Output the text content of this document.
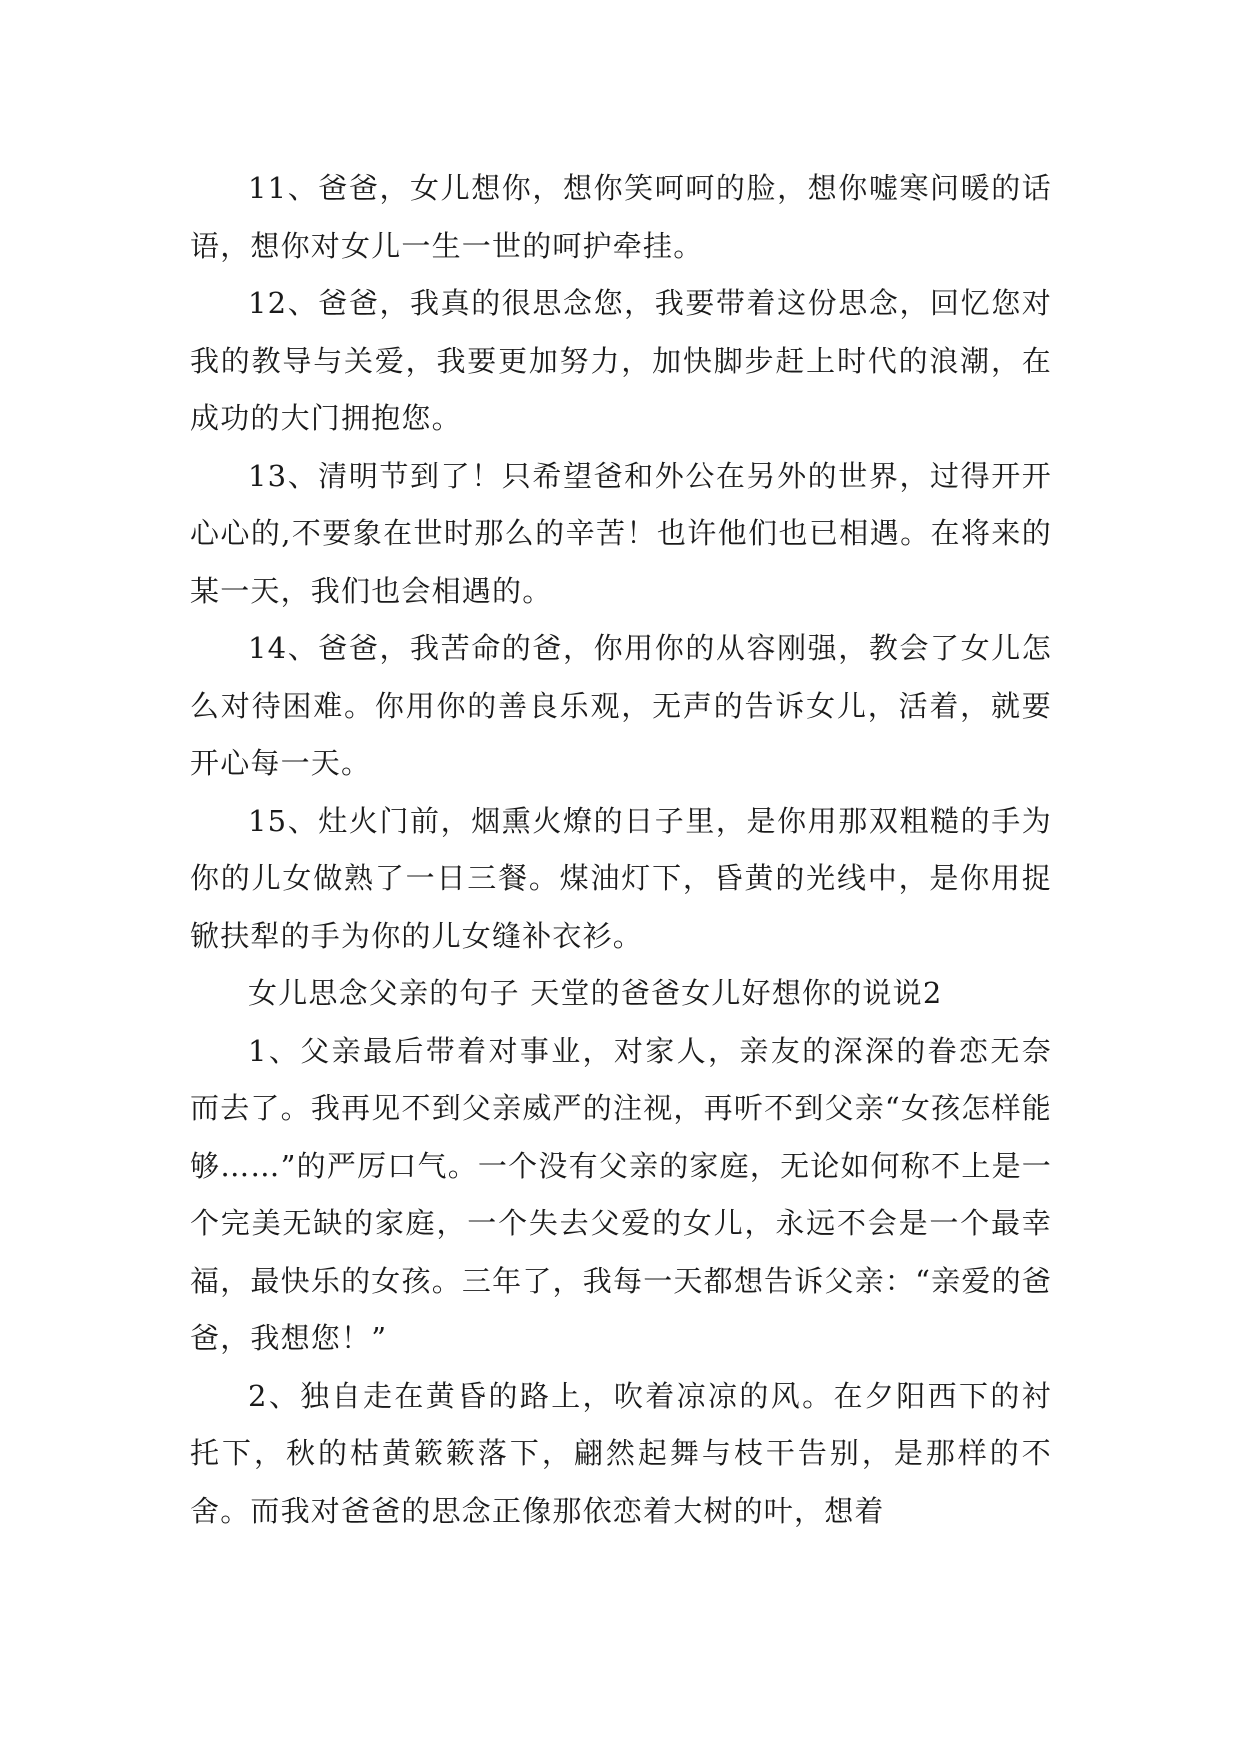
11、爸爸，女儿想你，想你笑呵呵的脸，想你嘘寒问暖的话语，想你对女儿一生一世的呵护牵挂。

12、爸爸，我真的很思念您，我要带着这份思念，回忆您对我的教导与关爱，我要更加努力，加快脚步赶上时代的浪潮，在成功的大门拥抱您。

13、清明节到了！只希望爸和外公在另外的世界，过得开开心心的,不要象在世时那么的辛苦！也许他们也已相遇。在将来的某一天，我们也会相遇的。

14、爸爸，我苦命的爸，你用你的从容刚强，教会了女儿怎么对待困难。你用你的善良乐观，无声的告诉女儿，活着，就要开心每一天。

15、灶火门前，烟熏火燎的日子里，是你用那双粗糙的手为你的儿女做熟了一日三餐。煤油灯下，昏黄的光线中，是你用捉锨扶犁的手为你的儿女缝补衣衫。

女儿思念父亲的句子 天堂的爸爸女儿好想你的说说2

1、父亲最后带着对事业，对家人，亲友的深深的眷恋无奈而去了。我再见不到父亲威严的注视，再听不到父亲“女孩怎样能够……”的严厉口气。一个没有父亲的家庭，无论如何称不上是一个完美无缺的家庭，一个失去父爱的女儿，永远不会是一个最幸福，最快乐的女孩。三年了，我每一天都想告诉父亲：“亲爱的爸爸，我想您！”

2、独自走在黄昏的路上，吹着凉凉的风。在夕阳西下的衬托下，秋的枯黄簌簌落下，翩然起舞与枝干告别，是那样的不舍。而我对爸爸的思念正像那依恋着大树的叶，想着
